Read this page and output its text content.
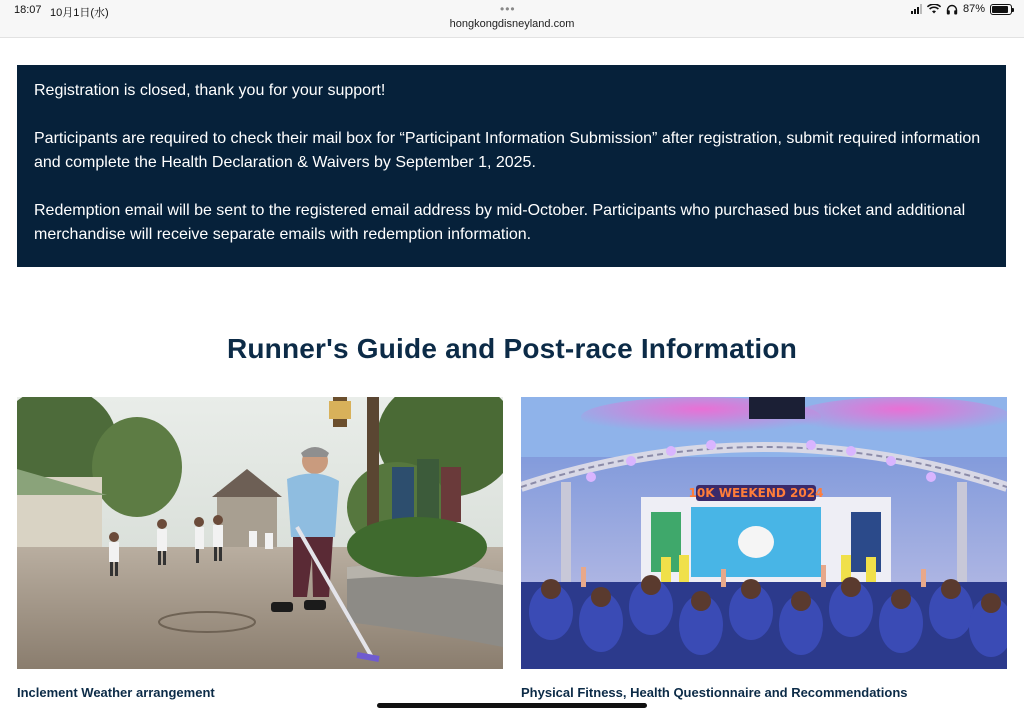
18:07 10月1日(水)	•••
hongkongdisneyland.com
87%

Registration is closed, thank you for your support!

Participants are required to check their mail box for “Participant Information Submission” after registration, submit required information and complete the Health Declaration & Waivers by September 1, 2025.

Redemption email will be sent to the registered email address by mid-October. Participants who purchased bus ticket and additional merchandise will receive separate emails with redemption information.

Runner's Guide and Post-race Information
Inclement Weather arrangement
10K WEEKEND 2024
Physical Fitness, Health Questionnaire and Recommendations
